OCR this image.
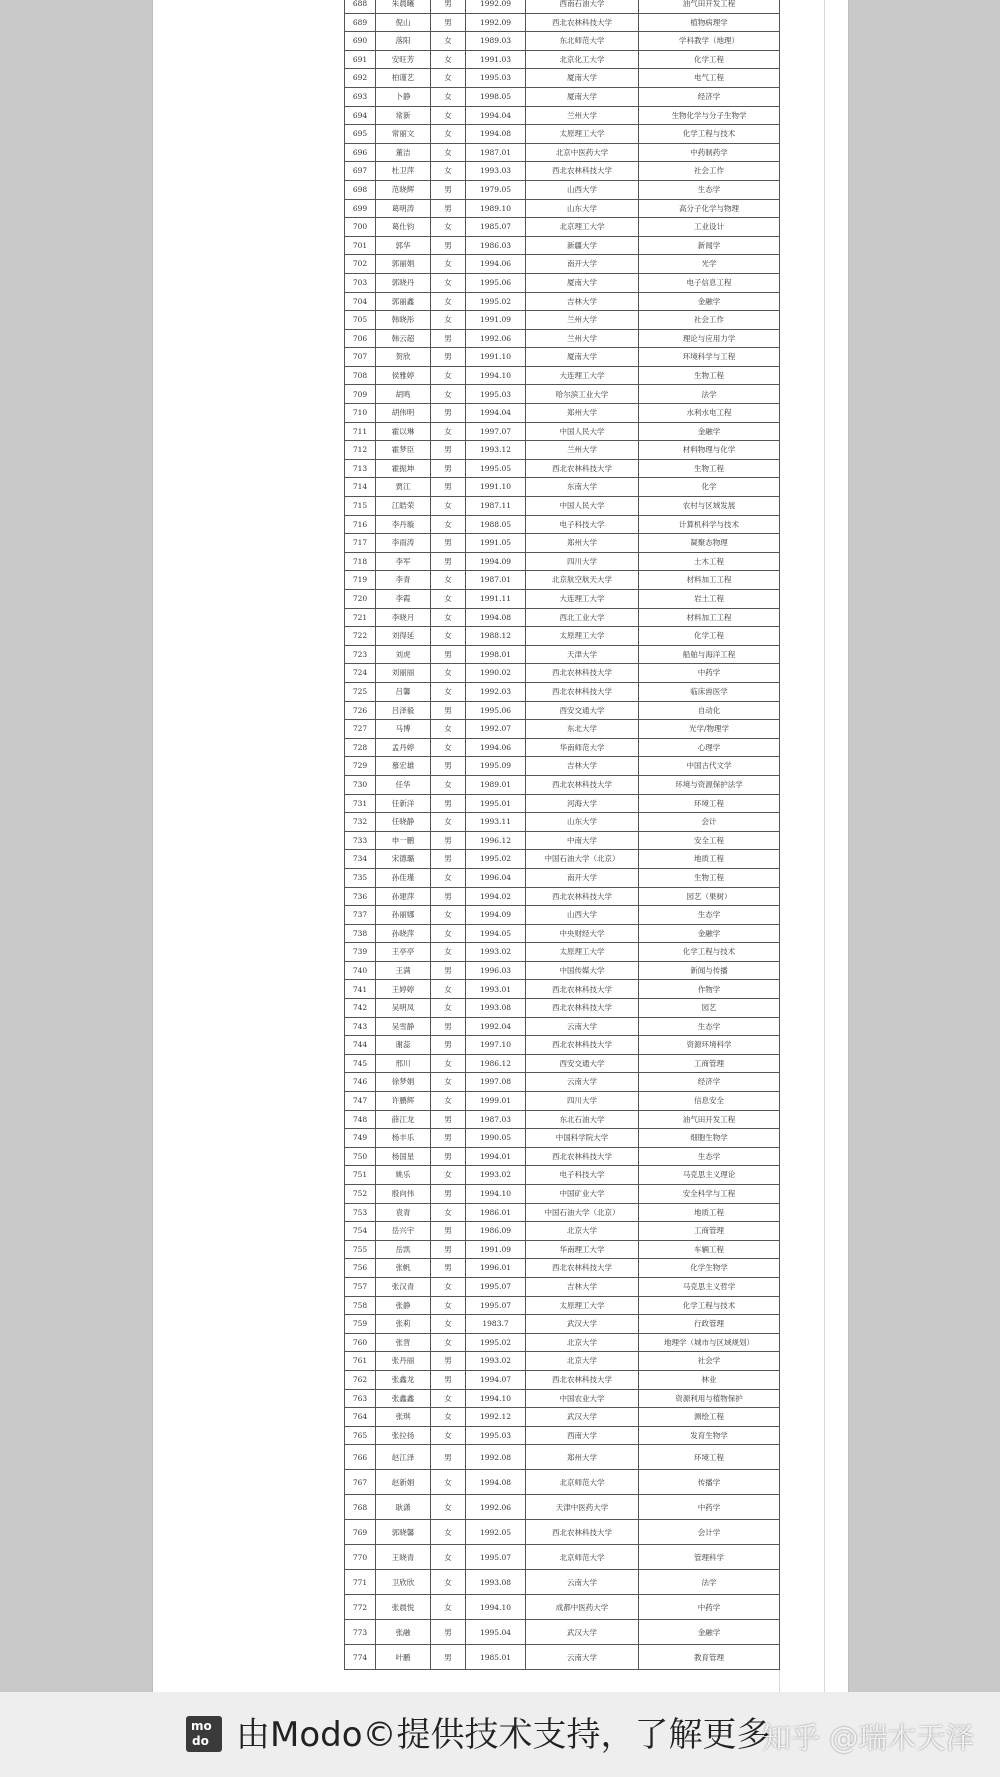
688	朱晨曦	男	1992.09	西南石油大学	油气田开发工程
689	倪山	男	1992.09	西北农林科技大学	植物病理学
690	落阳	女	1989.03	东北师范大学	学科教学（地理）
691	安旺芳	女	1991.03	北京化工大学	化学工程
692	柏谨艺	女	1995.03	厦南大学	电气工程
693	卜静	女	1998.05	厦南大学	经济学
694	常新	女	1994.04	兰州大学	生物化学与分子生物学
695	常丽文	女	1994.08	太原理工大学	化学工程与技术
696	董洁	女	1987.01	北京中医药大学	中药制药学
697	杜卫萍	女	1993.03	西北农林科技大学	社会工作
698	范晓辉	男	1979.05	山西大学	生态学
699	葛明涛	男	1989.10	山东大学	高分子化学与物理
700	葛仕钧	女	1985.07	北京理工大学	工业设计
701	郭华	男	1986.03	新疆大学	新闻学
702	郭丽娟	女	1994.06	南开大学	光学
703	郭晓丹	女	1995.06	厦南大学	电子信息工程
704	郭丽鑫	女	1995.02	吉林大学	金融学
705	韩晓彤	女	1991.09	兰州大学	社会工作
706	韩云超	男	1992.06	兰州大学	理论与应用力学
707	贺欣	男	1991.10	厦南大学	环境科学与工程
708	侯雅婷	女	1994.10	大连理工大学	生物工程
709	胡鸣	女	1995.03	哈尔滨工业大学	法学
710	胡伟明	男	1994.04	郑州大学	水利水电工程
711	霍以琳	女	1997.07	中国人民大学	金融学
712	霍梦臣	男	1993.12	兰州大学	材料物理与化学
713	霍振坤	男	1995.05	西北农林科技大学	生物工程
714	贾江	男	1991.10	东南大学	化学
715	江皓荣	女	1987.11	中国人民大学	农村与区域发展
716	李丹璇	女	1988.05	电子科技大学	计算机科学与技术
717	李雨涛	男	1991.05	郑州大学	凝聚态物理
718	李军	男	1994.09	四川大学	土木工程
719	李青	女	1987.01	北京航空航天大学	材料加工工程
720	李霞	女	1991.11	大连理工大学	岩土工程
721	李晓月	女	1994.08	西北工业大学	材料加工工程
722	刘得延	女	1988.12	太原理工大学	化学工程
723	刘虎	男	1998.01	天津大学	船舶与海洋工程
724	刘丽丽	女	1990.02	西北农林科技大学	中药学
725	吕馨	女	1992.03	西北农林科技大学	临床兽医学
726	吕泽毅	男	1995.06	西安交通大学	自动化
727	马博	女	1992.07	东北大学	光学/物理学
728	孟丹婷	女	1994.06	华南师范大学	心理学
729	慕宏雄	男	1995.09	吉林大学	中国古代文学
730	任华	女	1989.01	西北农林科技大学	环境与资源保护法学
731	任新洋	男	1995.01	河海大学	环境工程
732	任晓静	女	1993.11	山东大学	会计
733	申一鹏	男	1996.12	中南大学	安全工程
734	宋德璐	男	1995.02	中国石油大学（北京）	地质工程
735	孙佳瑾	女	1996.04	南开大学	生物工程
736	孙建萍	男	1994.02	西北农林科技大学	园艺（果树）
737	孙丽娜	女	1994.09	山西大学	生态学
738	孙晓萍	女	1994.05	中央财经大学	金融学
739	王亭亭	女	1993.02	太原理工大学	化学工程与技术
740	王满	男	1996.03	中国传媒大学	新闻与传播
741	王婷婷	女	1993.01	西北农林科技大学	作物学
742	吴明凤	女	1993.08	西北农林科技大学	园艺
743	吴雪静	男	1992.04	云南大学	生态学
744	谢蕊	男	1997.10	西北农林科技大学	资源环境科学
745	邢川	女	1986.12	西安交通大学	工商管理
746	徐梦娟	女	1997.08	云南大学	经济学
747	许鹏辉	女	1999.01	四川大学	信息安全
748	薛江龙	男	1987.03	东北石油大学	油气田开发工程
749	杨丰乐	男	1990.05	中国科学院大学	细胞生物学
750	杨国星	男	1994.01	西北农林科技大学	生态学
751	姚乐	女	1993.02	电子科技大学	马克思主义理论
752	殷向伟	男	1994.10	中国矿业大学	安全科学与工程
753	袁青	女	1986.01	中国石油大学（北京）	地质工程
754	岳兴宇	男	1986.09	北京大学	工商管理
755	岳凯	男	1991.09	华南理工大学	车辆工程
756	张帆	男	1996.01	西北农林科技大学	化学生物学
757	张汉青	女	1995.07	吉林大学	马克思主义哲学
758	张静	女	1995.07	太原理工大学	化学工程与技术
759	张莉	女	1983.7	武汉大学	行政管理
760	张晋	女	1995.02	北京大学	地理学（城市与区域规划）
761	张丹丽	男	1993.02	北京大学	社会学
762	张鑫龙	男	1994.07	西北农林科技大学	林业
763	张鑫鑫	女	1994.10	中国农业大学	资源利用与植物保护
764	张琪	女	1992.12	武汉大学	测绘工程
765	张拉扬	女	1995.03	西南大学	发育生物学
766	赵江泽	男	1992.08	郑州大学	环境工程
767	赵新娟	女	1994.08	北京师范大学	传播学
768	耿潇	女	1992.06	天津中医药大学	中药学
769	郭晓馨	女	1992.05	西北农林科技大学	会计学
770	王晓青	女	1995.07	北京师范大学	管理科学
771	卫欣欣	女	1993.08	云南大学	法学
772	张晨悦	女	1994.10	成都中医药大学	中药学
773	张融	男	1995.04	武汉大学	金融学
774	叶鹏	男	1985.01	云南大学	教育管理
mo
do 由Modo©提供技术支持，了解更多
知乎 @瑞木天泽
